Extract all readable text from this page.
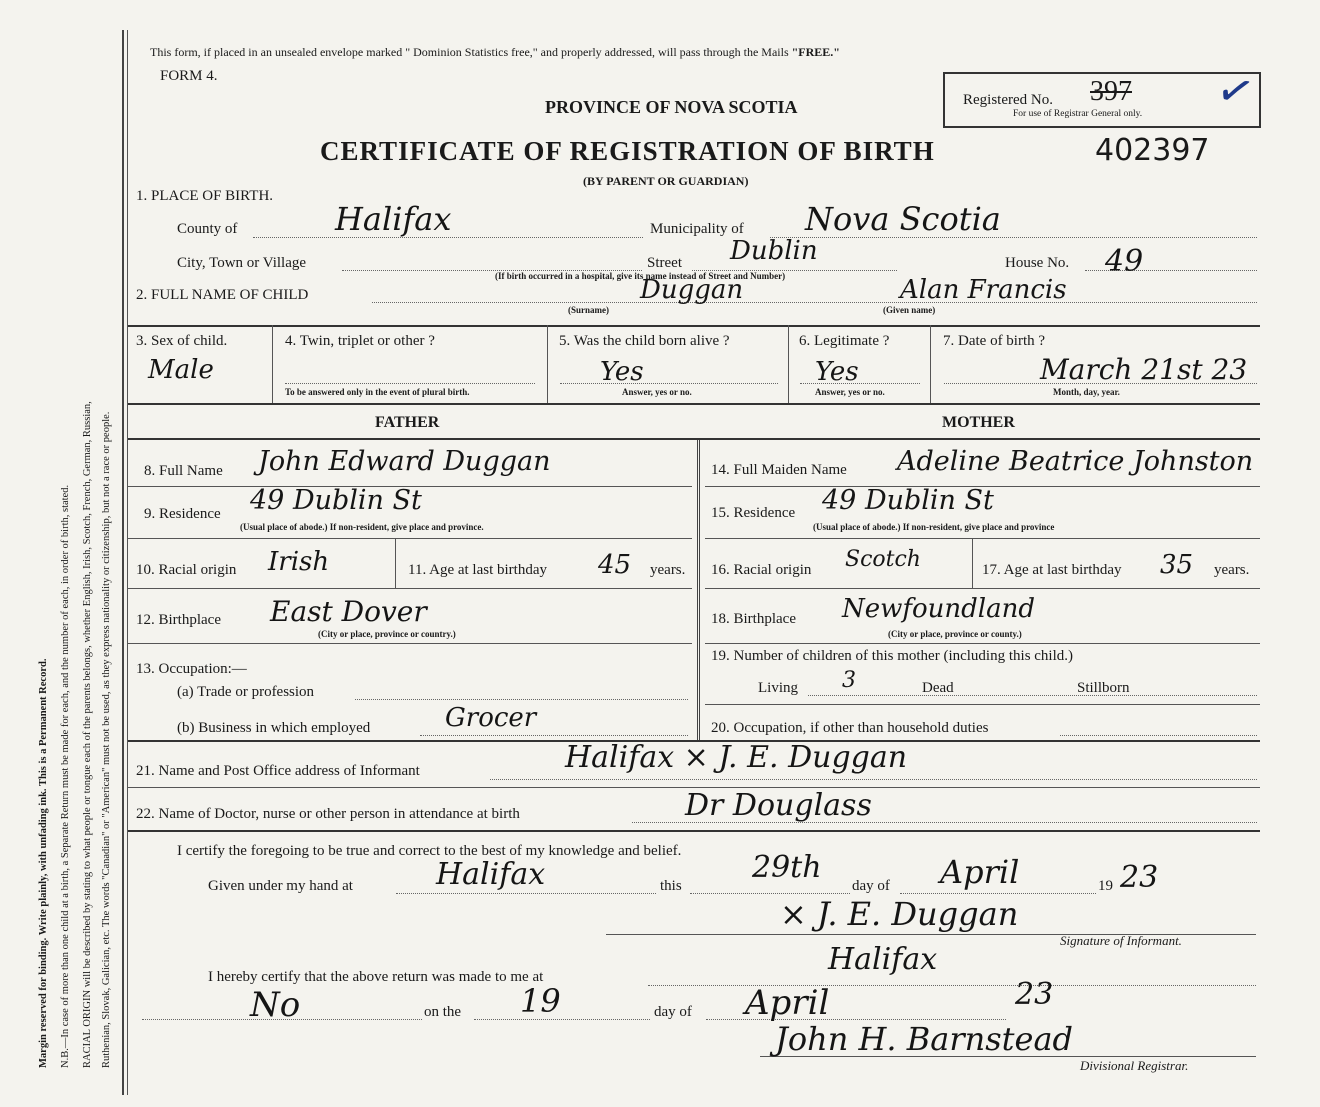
Margin reserved for binding. Write plainly, with unfading ink. This is a Permanent Record. N.B.—In case of more than one child at a birth, a Separate Return must be made for each, and the number of each, in order of birth, stated. RACIAL ORIGIN will be described by stating to what people or tongue each of the parents belongs, whether English, Irish, Scotch, French, German, Russian, Ruthenian, Slovak, Galician, etc. The words "Canadian" or "American" must not be used, as they express nationality or citizenship, but not a race or people.
This form, if placed in an unsealed envelope marked " Dominion Statistics free," and properly addressed, will pass through the Mails "FREE."
FORM 4.
PROVINCE OF NOVA SCOTIA	Registered No. 397
For use of Registrar General only. ✓
CERTIFICATE OF REGISTRATION OF BIRTH	402397
(BY PARENT OR GUARDIAN)
1. PLACE OF BIRTH.
County of	Halifax	Municipality of Nova Scotia
City, Town or Village	Street Dublin
(If birth occurred in a hospital, give its name instead of Street and Number)
House No. 49
2. FULL NAME OF CHILD	Duggan	Alan Francis
(Surname)	(Given name)
3. Sex of child.
Male
4. Twin, triplet or other ?
To be answered only in the event of plural birth.
5. Was the child born alive ?
Yes
Answer, yes or no.
6. Legitimate ?
Yes
Answer, yes or no.
7. Date of birth ?
March 21st 23
Month, day, year.
FATHER	MOTHER
8. Full Name John Edward Duggan
9. Residence 49 Dublin St
(Usual place of abode.) If non-resident, give place and province.
10. Racial origin Irish	11. Age at last birthday 45 years.
12. Birthplace East Dover
(City or place, province or country.)
13. Occupation:—
(a) Trade or profession
(b) Business in which employed	Grocer
14. Full Maiden Name Adeline Beatrice Johnston
15. Residence 49 Dublin St
(Usual place of abode.) If non-resident, give place and province
16. Racial origin Scotch	17. Age at last birthday 35 years.
18. Birthplace Newfoundland
(City or place, province or county.)
19. Number of children of this mother (including this child.)
Living 3	Dead	Stillborn
20. Occupation, if other than household duties
21. Name and Post Office address of Informant	Halifax × J. E. Duggan
22. Name of Doctor, nurse or other person in attendance at birth	Dr Douglass
I certify the foregoing to be true and correct to the best of my knowledge and belief.
Given under my hand at	Halifax	this
29th
day of April	19 23
× J. E. Duggan
Signature of Informant.
I hereby certify that the above return was made to me at	Halifax
No	on the 19	day of April	23
John H. Barnstead
Divisional Registrar.
